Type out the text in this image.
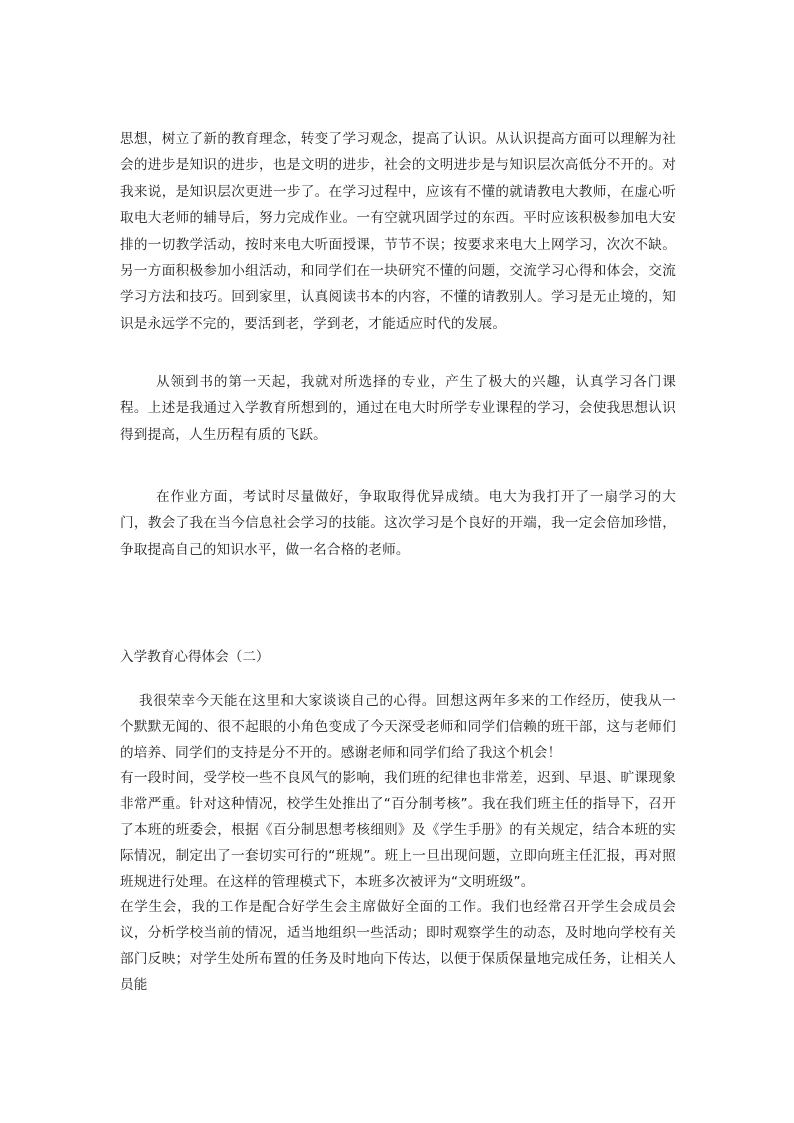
思想，树立了新的教育理念，转变了学习观念，提高了认识。从认识提高方面可以理解为社会的进步是知识的进步，也是文明的进步，社会的文明进步是与知识层次高低分不开的。对我来说，是知识层次更进一步了。在学习过程中，应该有不懂的就请教电大教师，在虚心听取电大老师的辅导后，努力完成作业。一有空就巩固学过的东西。平时应该积极参加电大安排的一切教学活动，按时来电大听面授课，节节不误；按要求来电大上网学习，次次不缺。另一方面积极参加小组活动，和同学们在一块研究不懂的问题，交流学习心得和体会，交流学习方法和技巧。回到家里，认真阅读书本的内容，不懂的请教别人。学习是无止境的，知识是永远学不完的，要活到老，学到老，才能适应时代的发展。

从领到书的第一天起，我就对所选择的专业，产生了极大的兴趣，认真学习各门课程。上述是我通过入学教育所想到的，通过在电大时所学专业课程的学习，会使我思想认识得到提高，人生历程有质的飞跃。

在作业方面，考试时尽量做好，争取取得优异成绩。电大为我打开了一扇学习的大门，教会了我在当今信息社会学习的技能。这次学习是个良好的开端，我一定会倍加珍惜，争取提高自己的知识水平，做一名合格的老师。

入学教育心得体会（二）

我很荣幸今天能在这里和大家谈谈自己的心得。回想这两年多来的工作经历，使我从一个默默无闻的、很不起眼的小角色变成了今天深受老师和同学们信赖的班干部，这与老师们的培养、同学们的支持是分不开的。感谢老师和同学们给了我这个机会！

有一段时间，受学校一些不良风气的影响，我们班的纪律也非常差，迟到、早退、旷课现象非常严重。针对这种情况，校学生处推出了“百分制考核”。我在我们班主任的指导下，召开了本班的班委会，根据《百分制思想考核细则》及《学生手册》的有关规定，结合本班的实际情况，制定出了一套切实可行的“班规”。班上一旦出现问题，立即向班主任汇报，再对照班规进行处理。在这样的管理模式下，本班多次被评为“文明班级”。

在学生会，我的工作是配合好学生会主席做好全面的工作。我们也经常召开学生会成员会议，分析学校当前的情况，适当地组织一些活动；即时观察学生的动态，及时地向学校有关部门反映；对学生处所布置的任务及时地向下传达，以便于保质保量地完成任务，让相关人员能
